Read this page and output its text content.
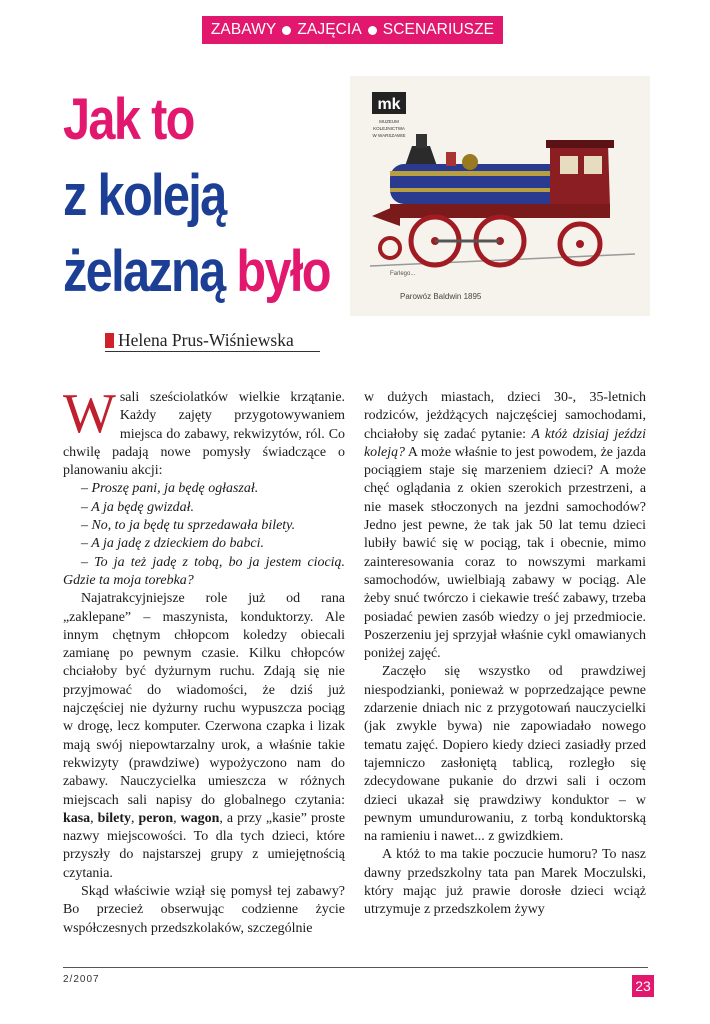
ZABAWY ZAJĘCIA SCENARIUSZE
Jak to
z koleją
żelazną było
mk
MUZEUM
KOLEJNICTWA
W WARSZAWIE
Farlego...
Parowóz Baldwin 1895
Helena Prus-Wiśniewska

Wsali sześciolatków wielkie krzątanie. Każdy zajęty przygotowywaniem miejsca do zabawy, rekwizytów, ról. Co chwilę padają nowe pomysły świadczące o planowaniu akcji:

– Proszę pani, ja będę ogłaszał.
– A ja będę gwizdał.
– No, to ja będę tu sprzedawała bilety.
– A ja jadę z dzieckiem do babci.
– To ja też jadę z tobą, bo ja jestem ciocią. Gdzie ta moja torebka?

Najatrakcyjniejsze role już od rana „zaklepane” – maszynista, konduktorzy. Ale innym chętnym chłopcom koledzy obiecali zamianę po pewnym czasie. Kilku chłopców chciałoby być dyżurnym ruchu. Zdają się nie przyjmować do wiadomości, że dziś już najczęściej nie dyżurny ruchu wypuszcza pociąg w drogę, lecz komputer. Czerwona czapka i lizak mają swój niepowtarzalny urok, a właśnie takie rekwizyty (prawdziwe) wypożyczono nam do zabawy. Nauczycielka umieszcza w różnych miejscach sali napisy do globalnego czytania: kasa, bilety, peron, wagon, a przy „kasie” proste nazwy miejscowości. To dla tych dzieci, które przyszły do najstarszej grupy z umiejętnością czytania.

Skąd właściwie wziął się pomysł tej zabawy? Bo przecież obserwując codzienne życie współczesnych przedszkolaków, szczególnie

w dużych miastach, dzieci 30-, 35-letnich rodziców, jeżdżących najczęściej samochodami, chciałoby się zadać pytanie: A któż dzisiaj jeździ koleją? A może właśnie to jest powodem, że jazda pociągiem staje się marzeniem dzieci? A może chęć oglądania z okien szerokich przestrzeni, a nie masek stłoczonych na jezdni samochodów? Jedno jest pewne, że tak jak 50 lat temu dzieci lubiły bawić się w pociąg, tak i obecnie, mimo zainteresowania coraz to nowszymi markami samochodów, uwielbiają zabawy w pociąg. Ale żeby snuć twórczo i ciekawie treść zabawy, trzeba posiadać pewien zasób wiedzy o jej przedmiocie. Poszerzeniu jej sprzyjał właśnie cykl omawianych poniżej zajęć.

Zaczęło się wszystko od prawdziwej niespodzianki, ponieważ w poprzedzające pewne zdarzenie dniach nic z przygotowań nauczycielki (jak zwykle bywa) nie zapowiadało nowego tematu zajęć. Dopiero kiedy dzieci zasiadły przed tajemniczo zasłoniętą tablicą, rozległo się zdecydowane pukanie do drzwi sali i oczom dzieci ukazał się prawdziwy konduktor – w pewnym umundurowaniu, z torbą konduktorską na ramieniu i nawet... z gwizdkiem.

A któż to ma takie poczucie humoru? To nasz dawny przedszkolny tata pan Marek Moczulski, który mając już prawie dorosłe dzieci wciąż utrzymuje z przedszkolem żywy

2/2007	23
